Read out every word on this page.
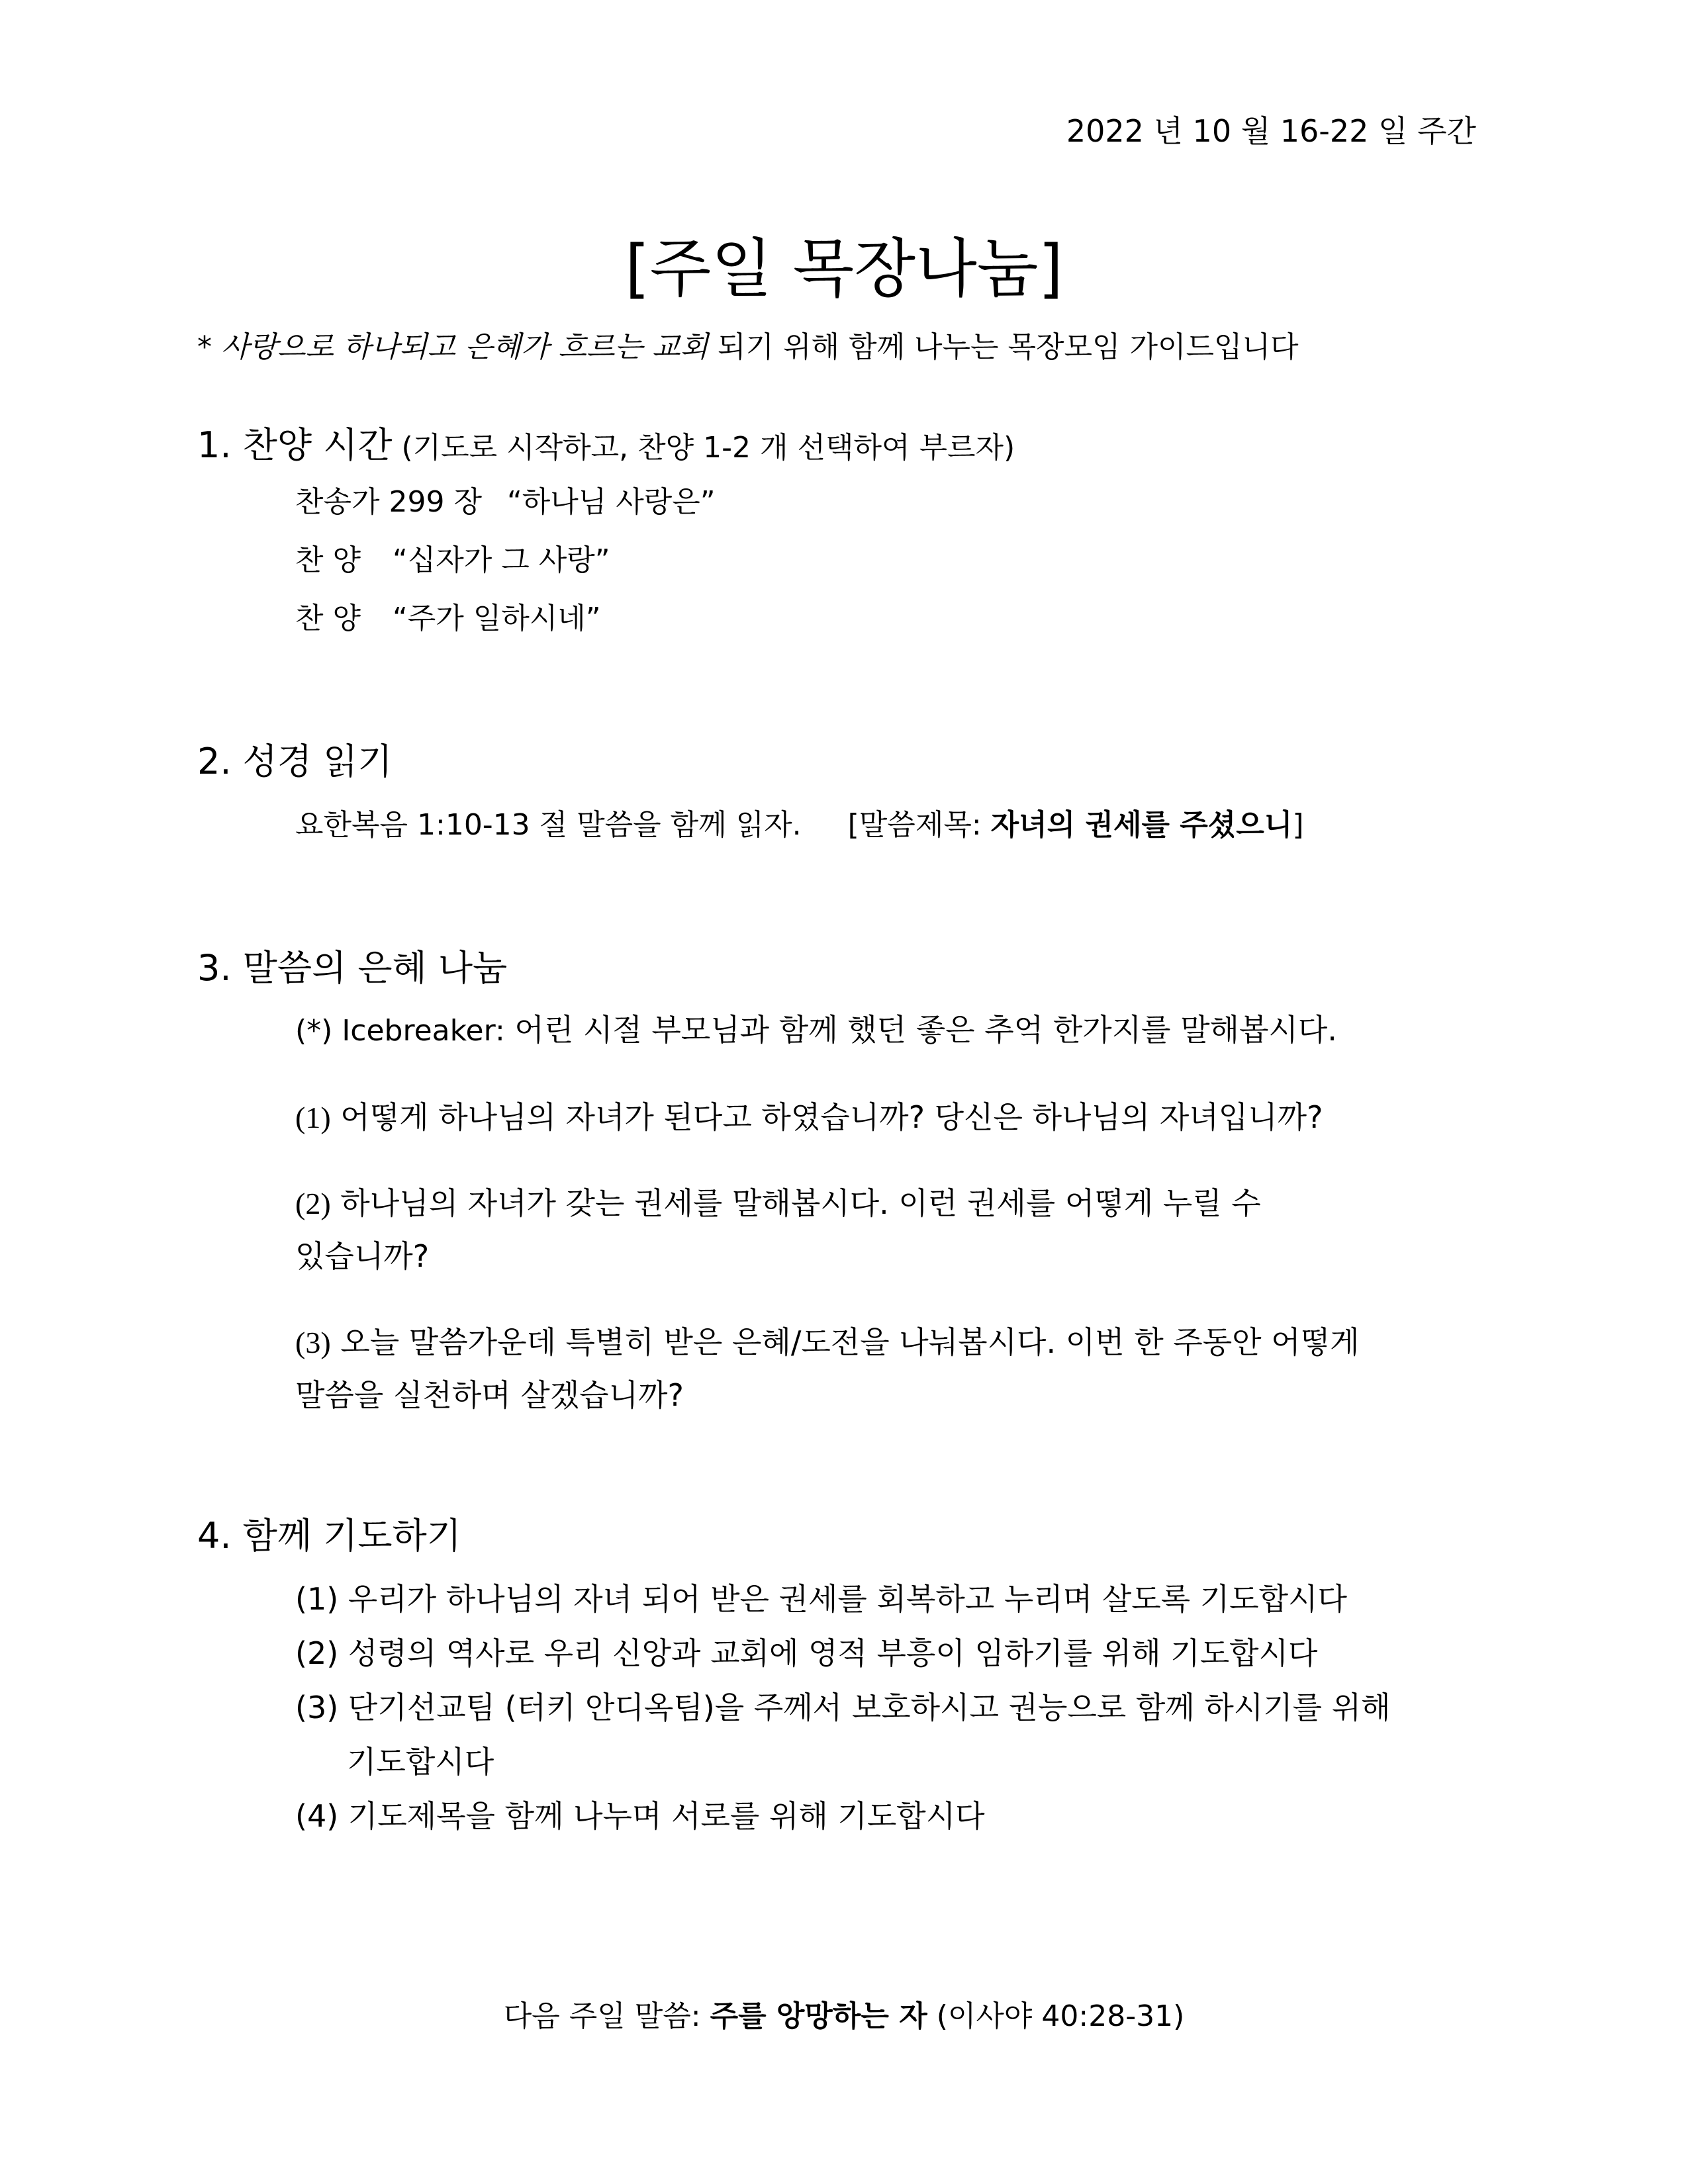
2022 년 10 월 16-22 일 주간
[주일 목장나눔]
* 사랑으로 하나되고 은혜가 흐르는 교회 되기 위해 함께 나누는 목장모임 가이드입니다
1. 찬양 시간 (기도로 시작하고, 찬양 1-2 개 선택하여 부르자)
찬송가 299 장 “하나님 사랑은”
찬 양 “십자가 그 사랑”
찬 양 “주가 일하시네”
2. 성경 읽기
요한복음 1:10-13 절 말씀을 함께 읽자. [말씀제목: 자녀의 권세를 주셨으니]
3. 말씀의 은혜 나눔
(*) Icebreaker: 어린 시절 부모님과 함께 했던 좋은 추억 한가지를 말해봅시다.
(1) 어떻게 하나님의 자녀가 된다고 하였습니까? 당신은 하나님의 자녀입니까?
(2) 하나님의 자녀가 갖는 권세를 말해봅시다. 이런 권세를 어떻게 누릴 수
있습니까?
(3) 오늘 말씀가운데 특별히 받은 은혜/도전을 나눠봅시다. 이번 한 주동안 어떻게
말씀을 실천하며 살겠습니까?
4. 함께 기도하기
(1) 우리가 하나님의 자녀 되어 받은 권세를 회복하고 누리며 살도록 기도합시다
(2) 성령의 역사로 우리 신앙과 교회에 영적 부흥이 임하기를 위해 기도합시다
(3) 단기선교팀 (터키 안디옥팀)을 주께서 보호하시고 권능으로 함께 하시기를 위해
기도합시다
(4) 기도제목을 함께 나누며 서로를 위해 기도합시다
다음 주일 말씀: 주를 앙망하는 자 (이사야 40:28-31)
